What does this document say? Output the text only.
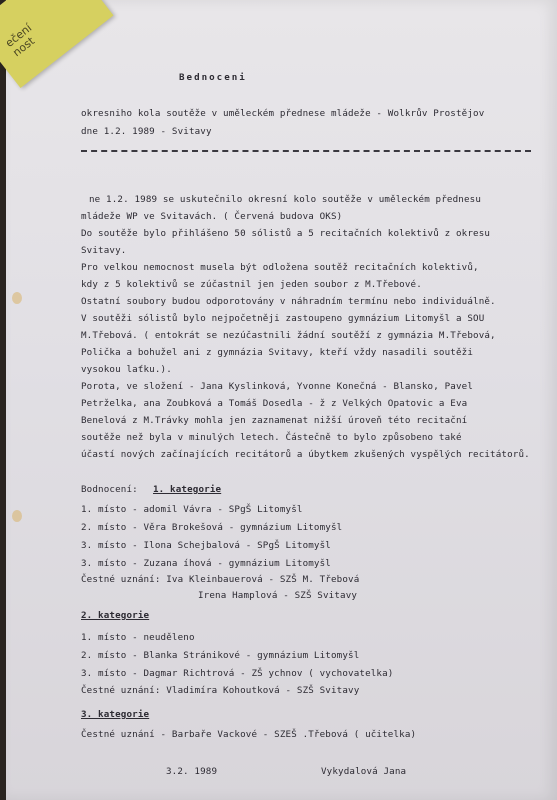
ečení
nost

Bednoceni

okresniho kola soutěže v uměleckém přednese mládeže - Wolkrův Prostějov

dne 1.2. 1989 - Svitavy

ne 1.2. 1989 se uskutečnilo okresní kolo soutěže v uměleckém přednesu

mládeže WP ve Svitavách. ( Červená budova OKS)

Do soutěže bylo přihlášeno 50 sólistů a 5 recitačních kolektivů z okresu

Svitavy.

Pro velkou nemocnost musela být odložena soutěž recitačních kolektivů,

kdy z 5 kolektivů se zúčastnil jen jeden soubor z M.Třebové.

Ostatní soubory budou odporotovány v náhradním termínu nebo individuálně.

V soutěži sólistů bylo nejpočetněji zastoupeno gymnázium Litomyšl a SOU

M.Třebová. ( entokrát se nezúčastnili žádní soutěží z gymnázia M.Třebová,

Polička a bohužel ani z gymnázia Svitavy, kteří vždy nasadili soutěži

vysokou laťku.).

Porota, ve složení - Jana Kyslinková, Yvonne Konečná - Blansko, Pavel

Petrželka, ana Zoubková a Tomáš Dosedla - ž z Velkých Opatovic a Eva

Benelová z M.Trávky mohla jen zaznamenat nižší úroveň této recitační

soutěže než byla v minulých letech. Částečně to bylo způsobeno také

účastí nových začínajících recitátorů a úbytkem zkušených vyspělých recitátorů.

Bodnocení: 1. kategorie

1. místo - adomil Vávra - SPgŠ Litomyšl

2. místo - Věra Brokešová - gymnázium Litomyšl

3. místo - Ilona Schejbalová - SPgŠ Litomyšl

3. místo - Zuzana íhová - gymnázium Litomyšl

Čestné uznání: Iva Kleinbauerová - SZŠ M. Třebová

Irena Hamplová - SZŠ Svitavy

2. kategorie

1. místo - neuděleno

2. místo - Blanka Stránikové - gymnázium Litomyšl

3. místo - Dagmar Richtrová - ZŠ ychnov ( vychovatelka)

Čestné uznání: Vladimíra Kohoutková - SZŠ Svitavy

3. kategorie

Čestné uznání - Barbaře Vackové - SZEŠ .Třebová ( učitelka)

3.2. 1989	Vykydalová Jana
